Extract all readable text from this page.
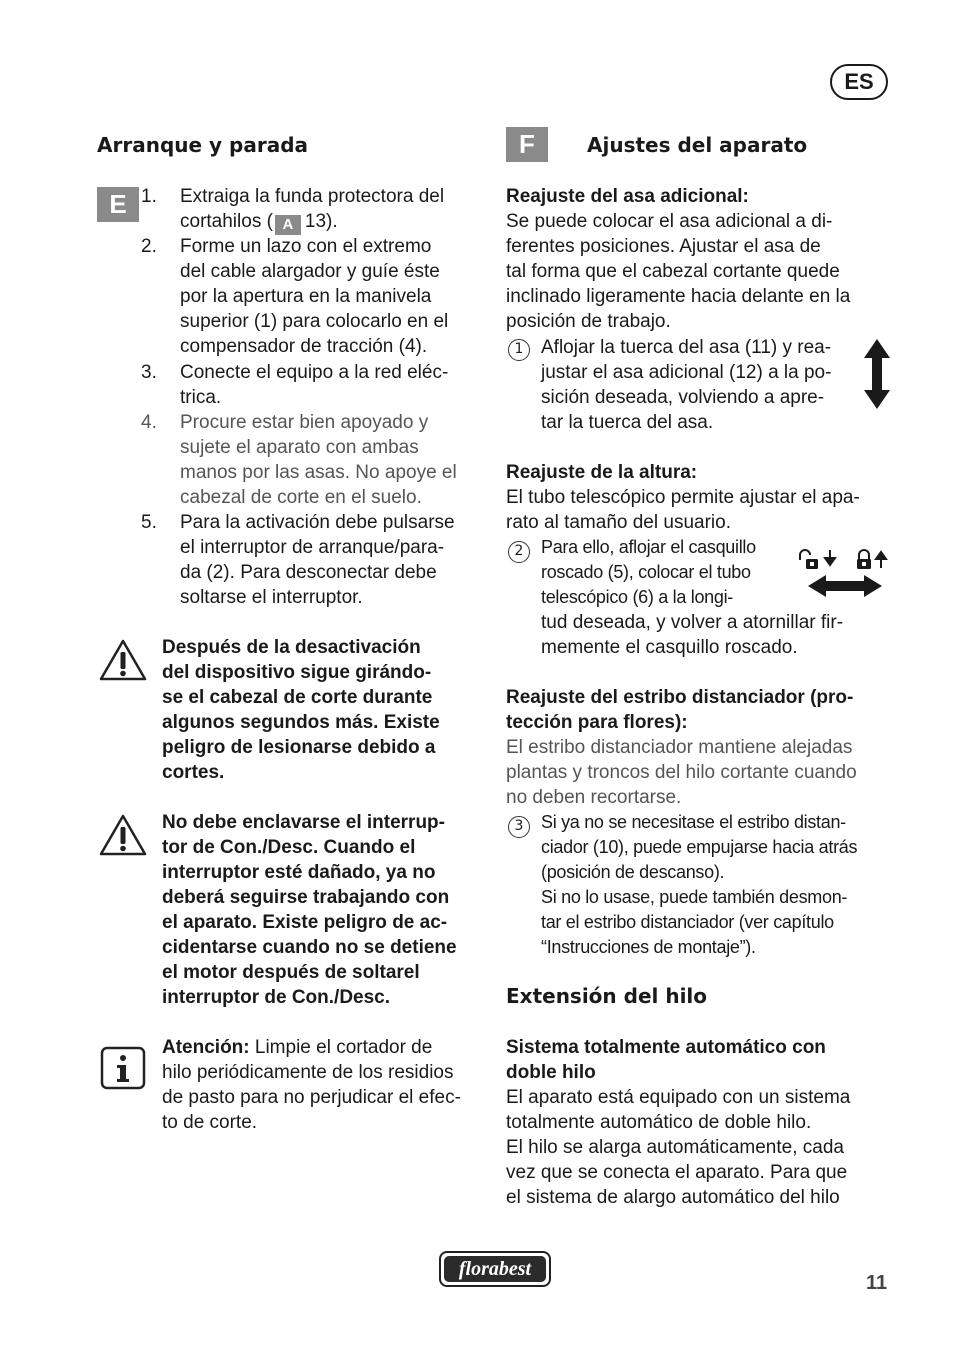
ES
Arranque y parada
E 1.	Extraiga la funda protectora del
cortahilos ( A 13).
2.	Forme un lazo con el extremo
del cable alargador y guíe éste
por la apertura en la manivela
superior (1) para colocarlo en el
compensador de tracción (4).
3.	Conecte el equipo a la red eléc-
trica.
4.	Procure estar bien apoyado y
sujete el aparato con ambas
manos por las asas. No apoye el
cabezal de corte en el suelo.
5.	Para la activación debe pulsarse
el interruptor de arranque/para-
da (2). Para desconectar debe
soltarse el interruptor.
Después de la desactivación
del dispositivo sigue girándo-
se el cabezal de corte durante
algunos segundos más. Existe
peligro de lesionarse debido a
cortes.
No debe enclavarse el interrup-
tor de Con./Desc. Cuando el
interruptor esté dañado, ya no
deberá seguirse trabajando con
el aparato. Existe peligro de ac-
cidentarse cuando no se detiene
el motor después de soltarel
interruptor de Con./Desc.
Atención: Limpie el cortador de
hilo periódicamente de los residios
de pasto para no perjudicar el efec-
to de corte.
F	Ajustes del aparato
Reajuste del asa adicional:
Se puede colocar el asa adicional a di-
ferentes posiciones. Ajustar el asa de
tal forma que el cabezal cortante quede
inclinado ligeramente hacia delante en la
posición de trabajo.
1 Aflojar la tuerca del asa (11) y rea-
justar el asa adicional (12) a la po-
sición deseada, volviendo a apre-
tar la tuerca del asa.
Reajuste de la altura:
El tubo telescópico permite ajustar el apa-
rato al tamaño del usuario.
2 Para ello, aflojar el casquillo
roscado (5), colocar el tubo
telescópico (6) a la longi-
tud deseada, y volver a atornillar fir-
memente el casquillo roscado.
Reajuste del estribo distanciador (pro-
tección para flores):
El estribo distanciador mantiene alejadas
plantas y troncos del hilo cortante cuando
no deben recortarse.
3 Si ya no se necesitase el estribo distan-
ciador (10), puede empujarse hacia atrás
(posición de descanso).
Si no lo usase, puede también desmon-
tar el estribo distanciador (ver capítulo
“Instrucciones de montaje”).
Extensión del hilo
Sistema totalmente automático con
doble hilo
El aparato está equipado con un sistema
totalmente automático de doble hilo.
El hilo se alarga automáticamente, cada
vez que se conecta el aparato. Para que
el sistema de alargo automático del hilo
florabest
11
